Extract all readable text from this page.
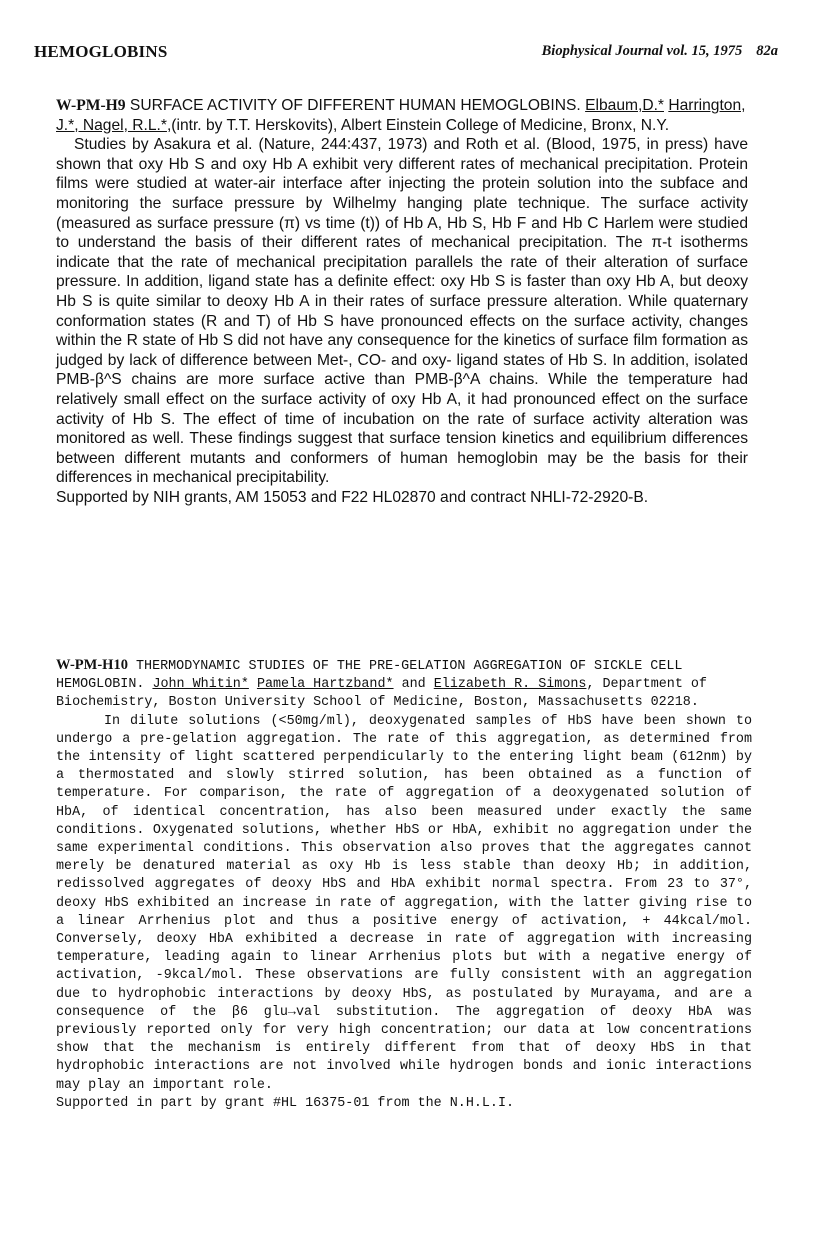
HEMOGLOBINS	Biophysical Journal vol. 15, 1975 82a

W-PM-H9 SURFACE ACTIVITY OF DIFFERENT HUMAN HEMOGLOBINS. Elbaum,D.* Harrington, J.*, Nagel, R.L.*,(intr. by T.T. Herskovits), Albert Einstein College of Medicine, Bronx, N.Y.

Studies by Asakura et al. (Nature, 244:437, 1973) and Roth et al. (Blood, 1975, in press) have shown that oxy Hb S and oxy Hb A exhibit very different rates of mechanical precipitation. Protein films were studied at water-air interface after injecting the protein solution into the subface and monitoring the surface pressure by Wilhelmy hanging plate technique. The surface activity (measured as surface pressure (π) vs time (t)) of Hb A, Hb S, Hb F and Hb C Harlem were studied to understand the basis of their different rates of mechanical precipitation. The π-t isotherms indicate that the rate of mechanical precipitation parallels the rate of their alteration of surface pressure. In addition, ligand state has a definite effect: oxy Hb S is faster than oxy Hb A, but deoxy Hb S is quite similar to deoxy Hb A in their rates of surface pressure alteration. While quaternary conformation states (R and T) of Hb S have pronounced effects on the surface activity, changes within the R state of Hb S did not have any consequence for the kinetics of surface film formation as judged by lack of difference between Met-, CO- and oxy- ligand states of Hb S. In addition, isolated PMB-β^S chains are more surface active than PMB-β^A chains. While the temperature had relatively small effect on the surface activity of oxy Hb A, it had pronounced effect on the surface activity of Hb S. The effect of time of incubation on the rate of surface activity alteration was monitored as well. These findings suggest that surface tension kinetics and equilibrium differences between different mutants and conformers of human hemoglobin may be the basis for their differences in mechanical precipitability.

Supported by NIH grants, AM 15053 and F22 HL02870 and contract NHLI-72-2920-B.

W-PM-H10 THERMODYNAMIC STUDIES OF THE PRE-GELATION AGGREGATION OF SICKLE CELL HEMOGLOBIN. John Whitin* Pamela Hartzband* and Elizabeth R. Simons, Department of Biochemistry, Boston University School of Medicine, Boston, Massachusetts 02218.

In dilute solutions (<50mg/ml), deoxygenated samples of HbS have been shown to undergo a pre-gelation aggregation. The rate of this aggregation, as determined from the intensity of light scattered perpendicularly to the entering light beam (612nm) by a thermostated and slowly stirred solution, has been obtained as a function of temperature. For comparison, the rate of aggregation of a deoxygenated solution of HbA, of identical concentration, has also been measured under exactly the same conditions. Oxygenated solutions, whether HbS or HbA, exhibit no aggregation under the same experimental conditions. This observation also proves that the aggregates cannot merely be denatured material as oxy Hb is less stable than deoxy Hb; in addition, redissolved aggregates of deoxy HbS and HbA exhibit normal spectra. From 23 to 37°, deoxy HbS exhibited an increase in rate of aggregation, with the latter giving rise to a linear Arrhenius plot and thus a positive energy of activation, + 44kcal/mol. Conversely, deoxy HbA exhibited a decrease in rate of aggregation with increasing temperature, leading again to linear Arrhenius plots but with a negative energy of activation, -9kcal/mol. These observations are fully consistent with an aggregation due to hydrophobic interactions by deoxy HbS, as postulated by Murayama, and are a consequence of the β6 glu→val substitution. The aggregation of deoxy HbA was previously reported only for very high concentration; our data at low concentrations show that the mechanism is entirely different from that of deoxy HbS in that hydrophobic interactions are not involved while hydrogen bonds and ionic interactions may play an important role.

Supported in part by grant #HL 16375-01 from the N.H.L.I.
